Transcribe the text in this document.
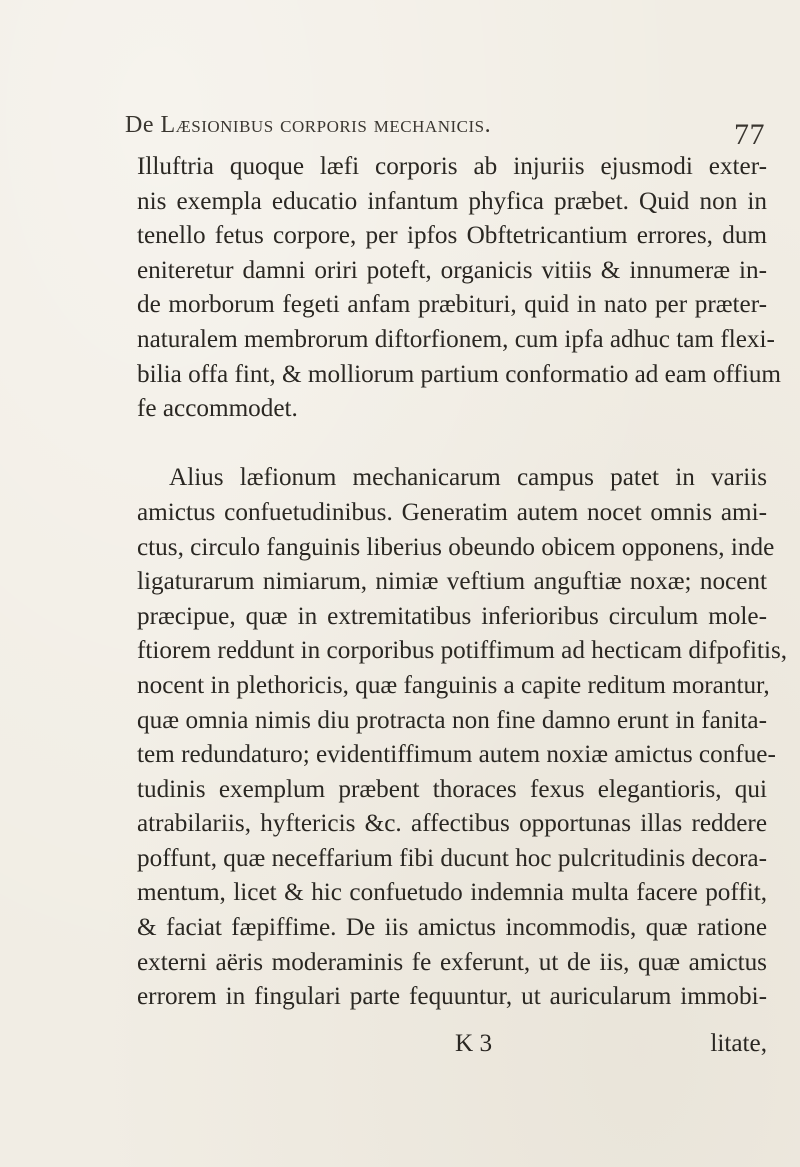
De Læsionibus corporis mechanicis.	77
Illuftria quoque læfi corporis ab injuriis ejusmodi exter-
nis exempla educatio infantum phyfica præbet. Quid non in
tenello fetus corpore, per ipfos Obftetricantium errores, dum
eniteretur damni oriri poteft, organicis vitiis & innumeræ in-
de morborum fegeti anfam præbituri, quid in nato per præter-
naturalem membrorum diftorfionem, cum ipfa adhuc tam flexi-
bilia offa fint, & molliorum partium conformatio ad eam offium
fe accommodet.
Alius læfionum mechanicarum campus patet in variis
amictus confuetudinibus. Generatim autem nocet omnis ami-
ctus, circulo fanguinis liberius obeundo obicem opponens, inde
ligaturarum nimiarum, nimiæ veftium anguftiæ noxæ; nocent
præcipue, quæ in extremitatibus inferioribus circulum mole-
ftiorem reddunt in corporibus potiffimum ad hecticam difpofitis,
nocent in plethoricis, quæ fanguinis a capite reditum morantur,
quæ omnia nimis diu protracta non fine damno erunt in fanita-
tem redundaturo; evidentiffimum autem noxiæ amictus confue-
tudinis exemplum præbent thoraces fexus elegantioris, qui
atrabilariis, hyftericis &c. affectibus opportunas illas reddere
poffunt, quæ neceffarium fibi ducunt hoc pulcritudinis decora-
mentum, licet & hic confuetudo indemnia multa facere poffit,
& faciat fæpiffime. De iis amictus incommodis, quæ ratione
externi aëris moderaminis fe exferunt, ut de iis, quæ amictus
errorem in fingulari parte fequuntur, ut auricularum immobi-
K 3	litate,
